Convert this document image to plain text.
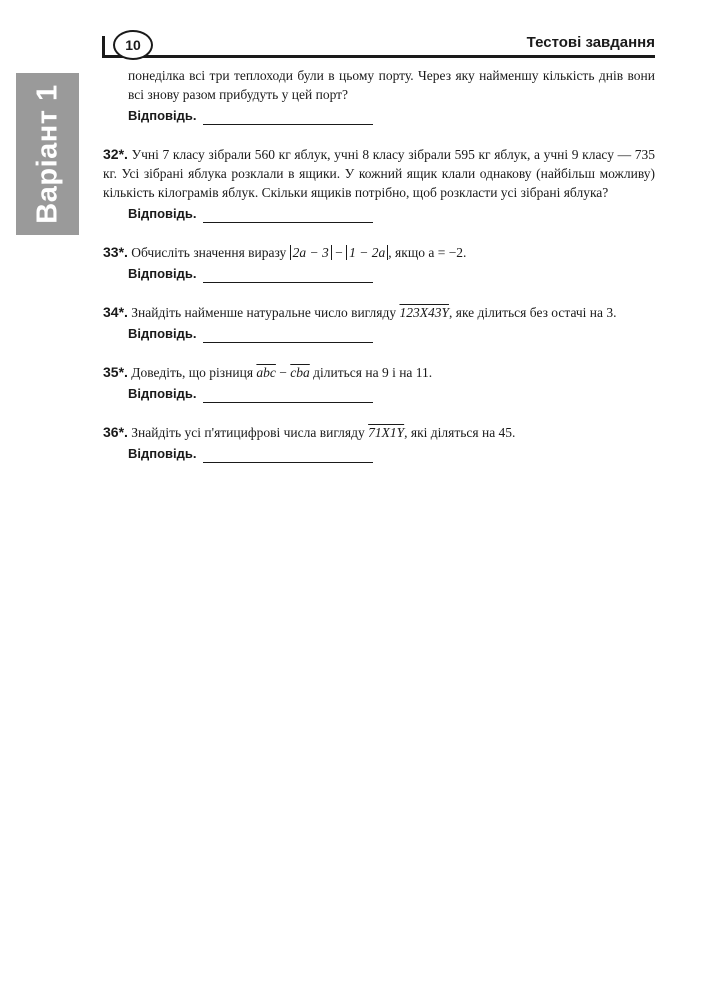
10	Тестові завдання
Варіант 1

понеділка всі три теплоходи були в цьому порту. Через яку найменшу кількість днів вони всі знову разом прибудуть у цей порт?

Відповідь.

32*. Учні 7 класу зібрали 560 кг яблук, учні 8 класу зібрали 595 кг яблук, а учні 9 класу — 735 кг. Усі зібрані яблука розклали в ящики. У кожний ящик клали однакову (найбільш можливу) кількість кілограмів яблук. Скільки ящиків потрібно, щоб розкласти усі зібрані яблука?

Відповідь.

33*. Обчисліть значення виразу 2a − 3 − 1 − 2a , якщо a = −2.

Відповідь.

34*. Знайдіть найменше натуральне число вигляду 123X43Y, яке ділиться без остачі на 3.

Відповідь.

35*. Доведіть, що різниця $\overline{abc} - \overline{cba}$ ділиться на 9 і на 11.

Відповідь.

36*. Знайдіть усі п'ятицифрові числа вигляду 71X1Y, які діляться на 45.

Відповідь.
